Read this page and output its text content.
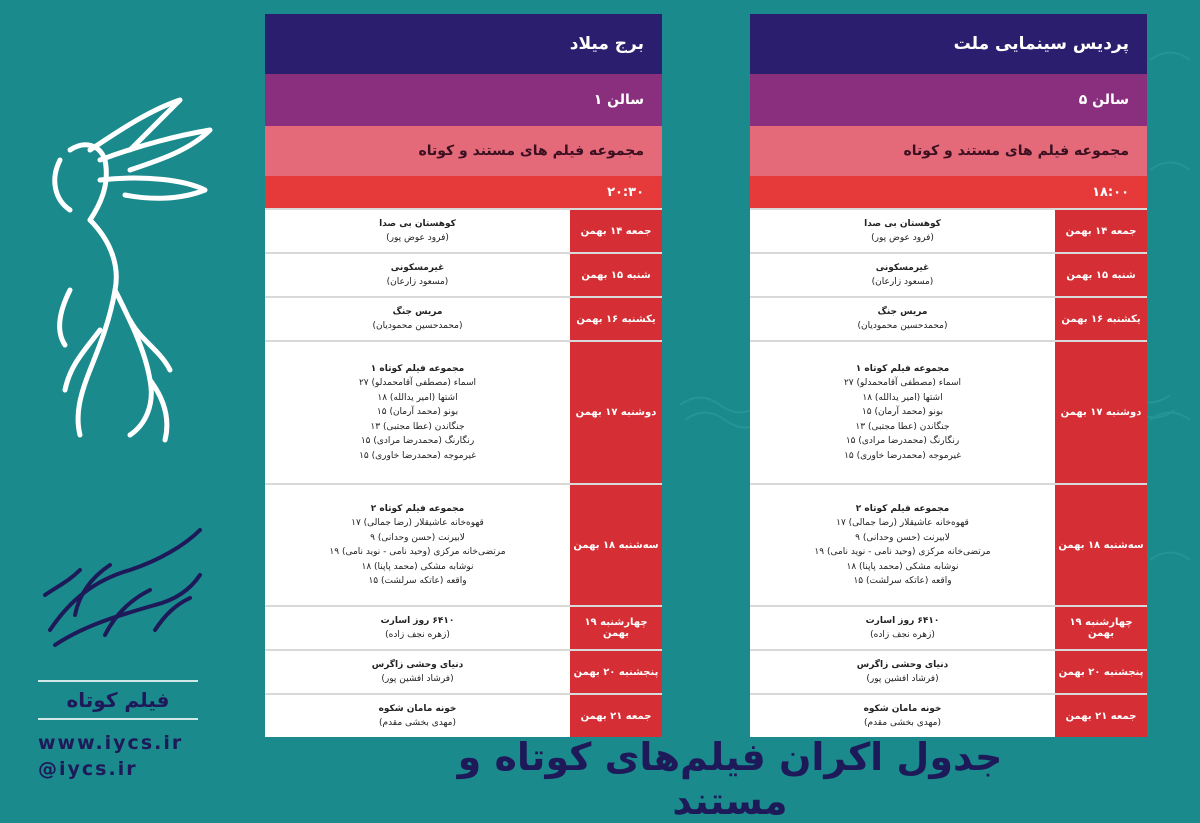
فیلم کوتاه
www.iycs.ir
@iycs.ir
پردیس سینمایی ملت
سالن ۵
مجموعه فیلم های مستند و کوتاه
۱۸:۰۰
جمعه ۱۴ بهمن
کوهستان بی صدا
(فرود عوض پور)
شنبه ۱۵ بهمن
غیرمسکونی
(مسعود زارعان)
یکشنبه ۱۶ بهمن
مریس جنگ
(محمدحسین محمودیان)
دوشنبه ۱۷ بهمن
مجموعه فیلم کوتاه ۱
اسماء (مصطفی آقامحمدلو) ۲۷
اشتها (امیر یدالله) ۱۸
بونو (محمد آرمان) ۱۵
جنگاندن (عطا مجتبی) ۱۳
رنگارنگ (محمدرضا مرادی) ۱۵
غیرموجه (محمدرضا خاوری) ۱۵
سه‌شنبه ۱۸ بهمن
مجموعه فیلم کوتاه ۲
قهوه‌خانه عاشیقلار (رضا جمالی) ۱۷
لابیرنت (حسن وحدانی) ۹
مرتضی‌خانه مرکزی (وحید نامی - نوید نامی) ۱۹
نوشابه مشکی (محمد پاپنا) ۱۸
واقعه (عاتکه سرلشت) ۱۵
چهارشنبه ۱۹ بهمن
۶۴۱۰ روز اسارت
(زهره نجف زاده)
پنجشنبه ۲۰ بهمن
دنیای وحشی زاگرس
(فرشاد افشین پور)
جمعه ۲۱ بهمن
خونه مامان شکوه
(مهدی بخشی مقدم)
برج میلاد
سالن ۱
مجموعه فیلم های مستند و کوتاه
۲۰:۳۰
جمعه ۱۴ بهمن
کوهستان بی صدا
(فرود عوض پور)
شنبه ۱۵ بهمن
غیرمسکونی
(مسعود زارعان)
یکشنبه ۱۶ بهمن
مریس جنگ
(محمدحسین محمودیان)
دوشنبه ۱۷ بهمن
مجموعه فیلم کوتاه ۱
اسماء (مصطفی آقامحمدلو) ۲۷
اشتها (امیر یدالله) ۱۸
بونو (محمد آرمان) ۱۵
جنگاندن (عطا مجتبی) ۱۳
رنگارنگ (محمدرضا مرادی) ۱۵
غیرموجه (محمدرضا خاوری) ۱۵
سه‌شنبه ۱۸ بهمن
مجموعه فیلم کوتاه ۲
قهوه‌خانه عاشیقلار (رضا جمالی) ۱۷
لابیرنت (حسن وحدانی) ۹
مرتضی‌خانه مرکزی (وحید نامی - نوید نامی) ۱۹
نوشابه مشکی (محمد پاپنا) ۱۸
واقعه (عاتکه سرلشت) ۱۵
چهارشنبه ۱۹ بهمن
۶۴۱۰ روز اسارت
(زهره نجف زاده)
پنجشنبه ۲۰ بهمن
دنیای وحشی زاگرس
(فرشاد افشین پور)
جمعه ۲۱ بهمن
خونه مامان شکوه
(مهدی بخشی مقدم)
جدول اکران فیلم‌های کوتاه و مستند
